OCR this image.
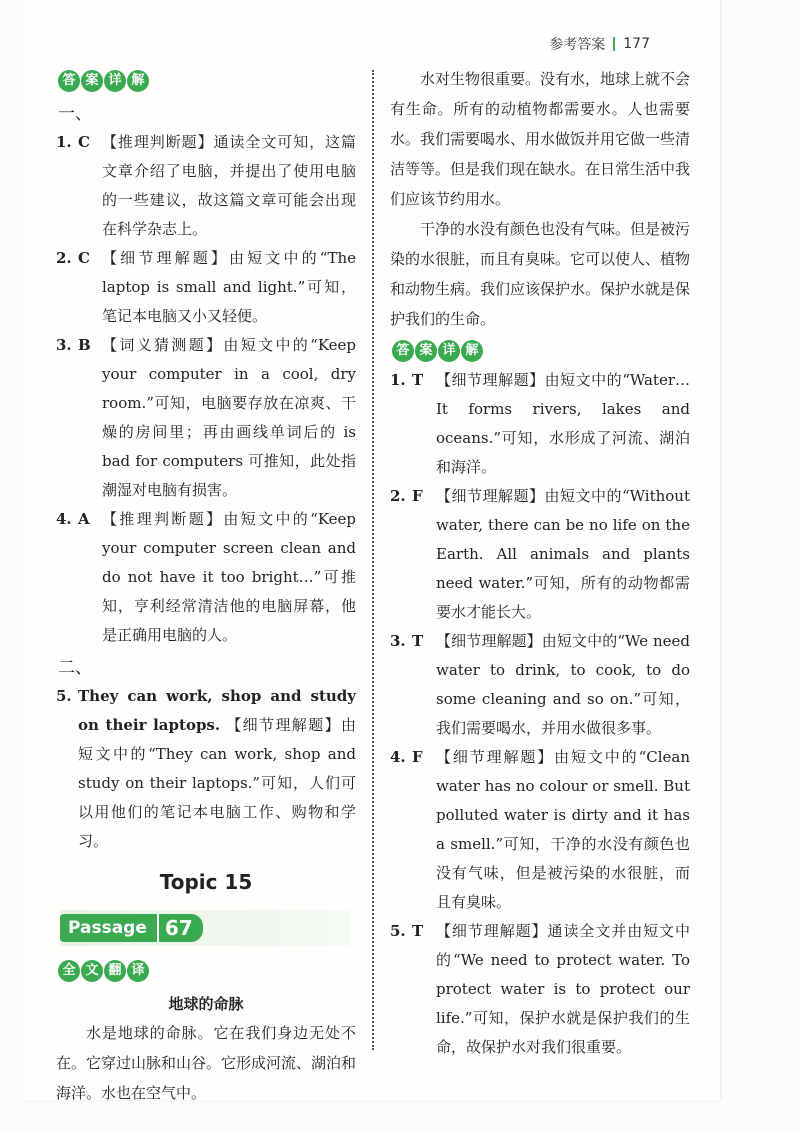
参考答案 177
答 案 详 解
一、
1. C 【推理判断题】通读全文可知，这篇文章介绍了电脑，并提出了使用电脑的一些建议，故这篇文章可能会出现在科学杂志上。
2. C 【细节理解题】由短文中的“The laptop is small and light.”可知，笔记本电脑又小又轻便。
3. B 【词义猜测题】由短文中的“Keep your computer in a cool, dry room.”可知，电脑要存放在凉爽、干燥的房间里；再由画线单词后的 is bad for computers 可推知，此处指潮湿对电脑有损害。
4. A 【推理判断题】由短文中的“Keep your computer screen clean and do not have it too bright…”可推知，亨利经常清洁他的电脑屏幕，他是正确用电脑的人。
二、
5. They can work, shop and study on their laptops. 【细节理解题】由短文中的“They can work, shop and study on their laptops.”可知，人们可以用他们的笔记本电脑工作、购物和学习。
Topic 15
Passage 67
全 文 翻 译
地球的命脉

水是地球的命脉。它在我们身边无处不在。它穿过山脉和山谷。它形成河流、湖泊和海洋。水也在空气中。

水对生物很重要。没有水，地球上就不会有生命。所有的动植物都需要水。人也需要水。我们需要喝水、用水做饭并用它做一些清洁等等。但是我们现在缺水。在日常生活中我们应该节约用水。

干净的水没有颜色也没有气味。但是被污染的水很脏，而且有臭味。它可以使人、植物和动物生病。我们应该保护水。保护水就是保护我们的生命。

答 案 详 解
1. T 【细节理解题】由短文中的“Water… It forms rivers, lakes and oceans.”可知，水形成了河流、湖泊和海洋。
2. F 【细节理解题】由短文中的“Without water, there can be no life on the Earth. All animals and plants need water.”可知，所有的动物都需要水才能长大。
3. T 【细节理解题】由短文中的“We need water to drink, to cook, to do some cleaning and so on.”可知，我们需要喝水，并用水做很多事。
4. F 【细节理解题】由短文中的“Clean water has no colour or smell. But polluted water is dirty and it has a smell.”可知，干净的水没有颜色也没有气味，但是被污染的水很脏，而且有臭味。
5. T 【细节理解题】通读全文并由短文中的“We need to protect water. To protect water is to protect our life.”可知，保护水就是保护我们的生命，故保护水对我们很重要。
